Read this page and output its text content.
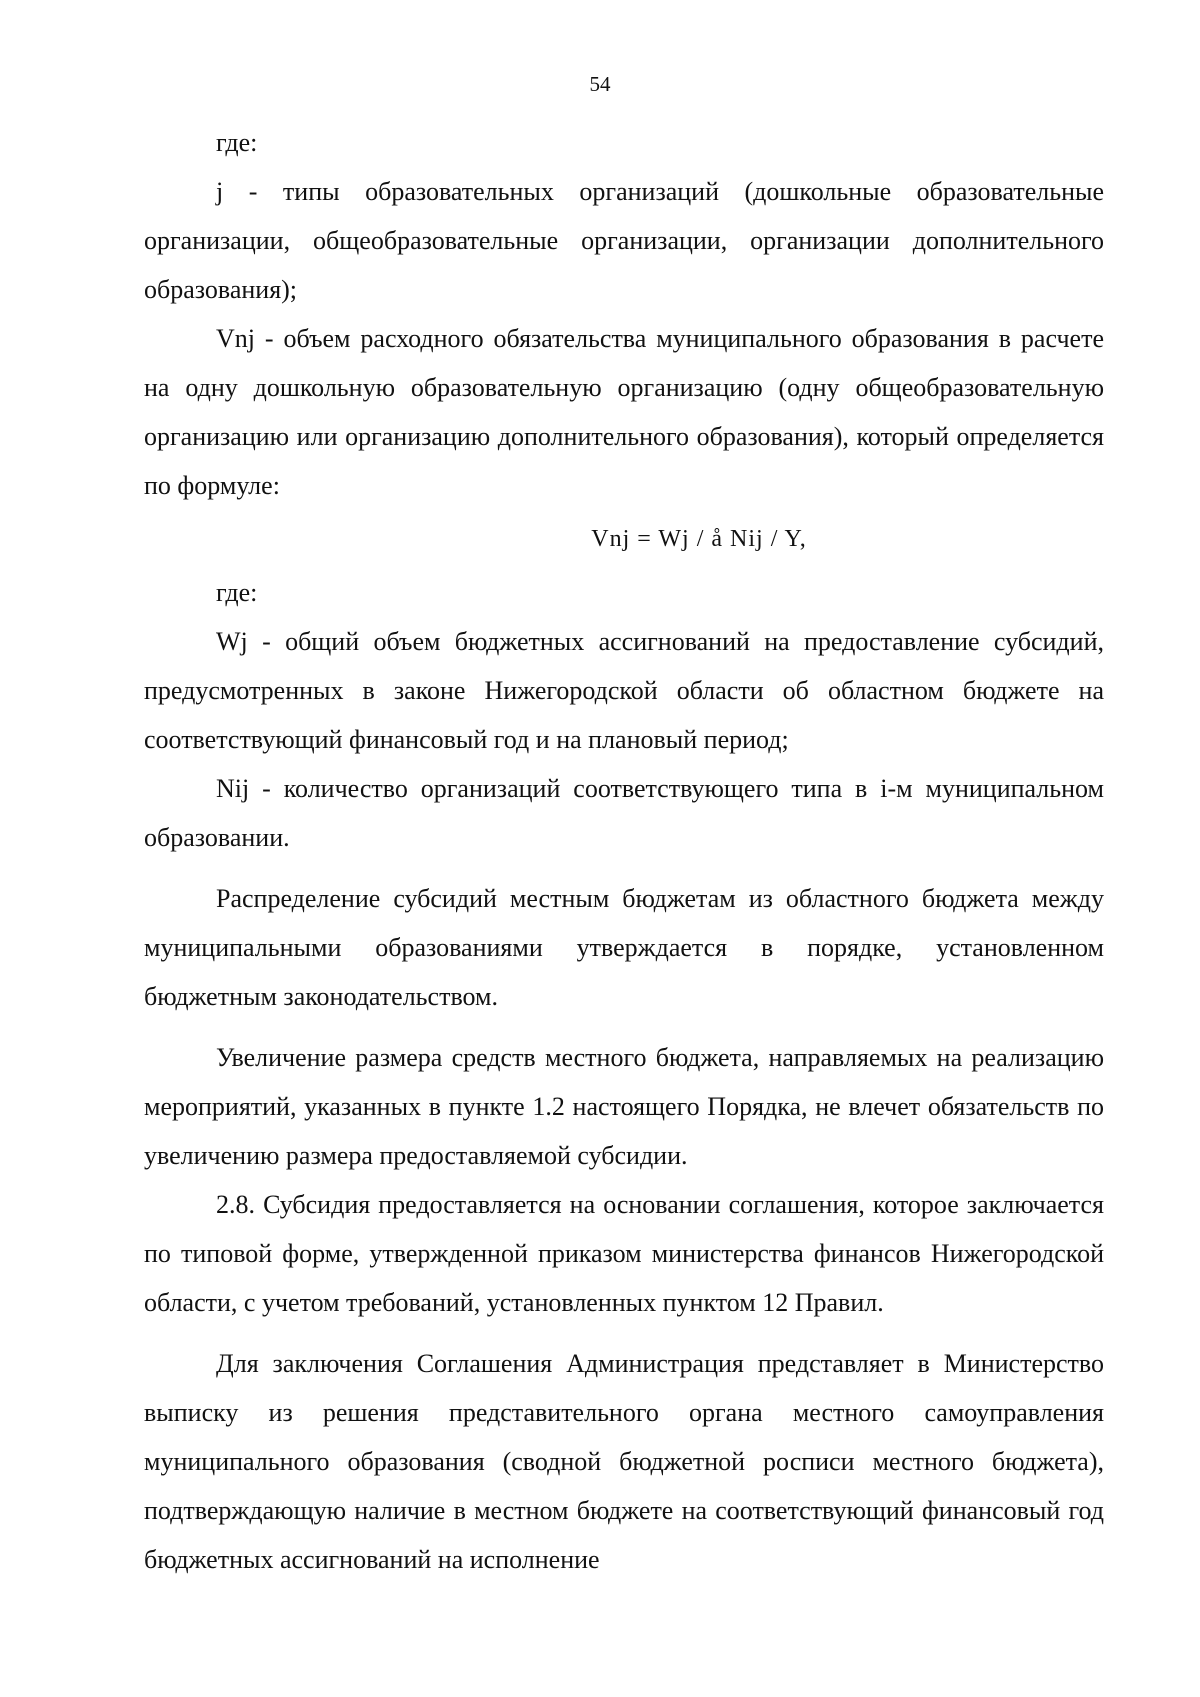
54

где:

j - типы образовательных организаций (дошкольные образовательные организации, общеобразовательные организации, организации дополнительного образования);

Vnj - объем расходного обязательства муниципального образования в расчете на одну дошкольную образовательную организацию (одну общеобразовательную организацию или организацию дополнительного образования), который определяется по формуле:

Vnj = Wj / å Nij / Y,

где:

Wj - общий объем бюджетных ассигнований на предоставление субсидий, предусмотренных в законе Нижегородской области об областном бюджете на соответствующий финансовый год и на плановый период;

Nij - количество организаций соответствующего типа в i-м муниципальном образовании.

Распределение субсидий местным бюджетам из областного бюджета между муниципальными образованиями утверждается в порядке, установленном бюджетным законодательством.

Увеличение размера средств местного бюджета, направляемых на реализацию мероприятий, указанных в пункте 1.2 настоящего Порядка, не влечет обязательств по увеличению размера предоставляемой субсидии.

2.8. Субсидия предоставляется на основании соглашения, которое заключается по типовой форме, утвержденной приказом министерства финансов Нижегородской области, с учетом требований, установленных пунктом 12 Правил.

Для заключения Соглашения Администрация представляет в Министерство выписку из решения представительного органа местного самоуправления муниципального образования (сводной бюджетной росписи местного бюджета), подтверждающую наличие в местном бюджете на соответствующий финансовый год бюджетных ассигнований на исполнение
